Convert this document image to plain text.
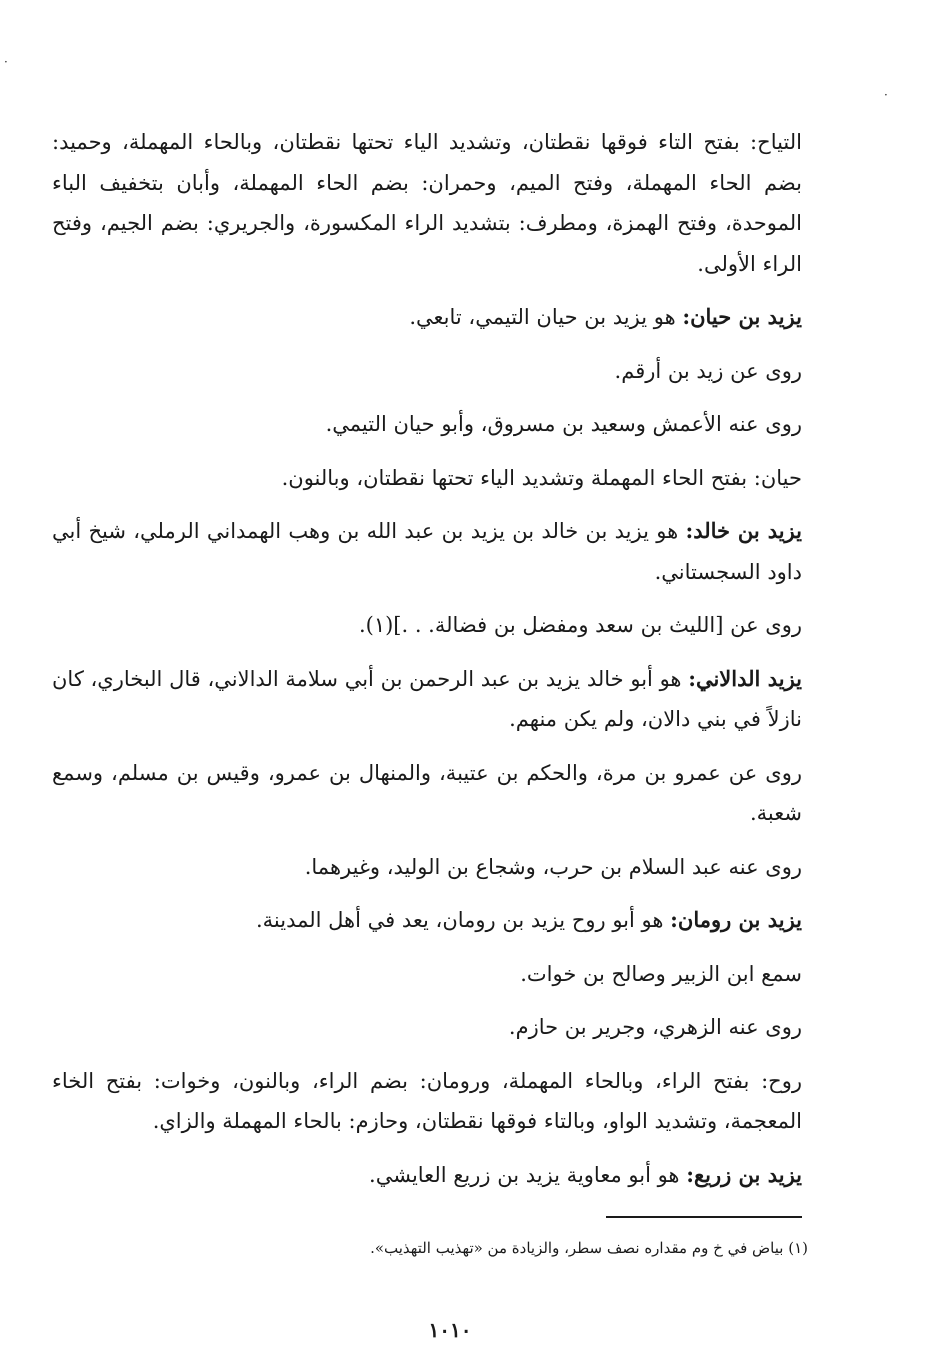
·
·

التياح: بفتح التاء فوقها نقطتان، وتشديد الياء تحتها نقطتان، وبالحاء المهملة، وحميد: بضم الحاء المهملة، وفتح الميم، وحمران: بضم الحاء المهملة، وأبان بتخفيف الباء الموحدة، وفتح الهمزة، ومطرف: بتشديد الراء المكسورة، والجريري: بضم الجيم، وفتح الراء الأولى.

يزيد بن حيان: هو يزيد بن حيان التيمي، تابعي.

روى عن زيد بن أرقم.

روى عنه الأعمش وسعيد بن مسروق، وأبو حيان التيمي.

حيان: بفتح الحاء المهملة وتشديد الياء تحتها نقطتان، وبالنون.

يزيد بن خالد: هو يزيد بن خالد بن يزيد بن عبد الله بن وهب الهمداني الرملي، شيخ أبي داود السجستاني.

روى عن [الليث بن سعد ومفضل بن فضالة. . .](١).

يزيد الدالاني: هو أبو خالد يزيد بن عبد الرحمن بن أبي سلامة الدالاني، قال البخاري، كان نازلاً في بني دالان، ولم يكن منهم.

روى عن عمرو بن مرة، والحكم بن عتيبة، والمنهال بن عمرو، وقيس بن مسلم، وسمع شعبة.

روى عنه عبد السلام بن حرب، وشجاع بن الوليد، وغيرهما.

يزيد بن رومان: هو أبو روح يزيد بن رومان، يعد في أهل المدينة.

سمع ابن الزبير وصالح بن خوات.

روى عنه الزهري، وجرير بن حازم.

روح: بفتح الراء، وبالحاء المهملة، ورومان: بضم الراء، وبالنون، وخوات: بفتح الخاء المعجمة، وتشديد الواو، وبالتاء فوقها نقطتان، وحازم: بالحاء المهملة والزاي.

يزيد بن زريع: هو أبو معاوية يزيد بن زريع العايشي.

(١) بياض في خ وم مقداره نصف سطر، والزيادة من «تهذيب التهذيب».
١٠١٠
